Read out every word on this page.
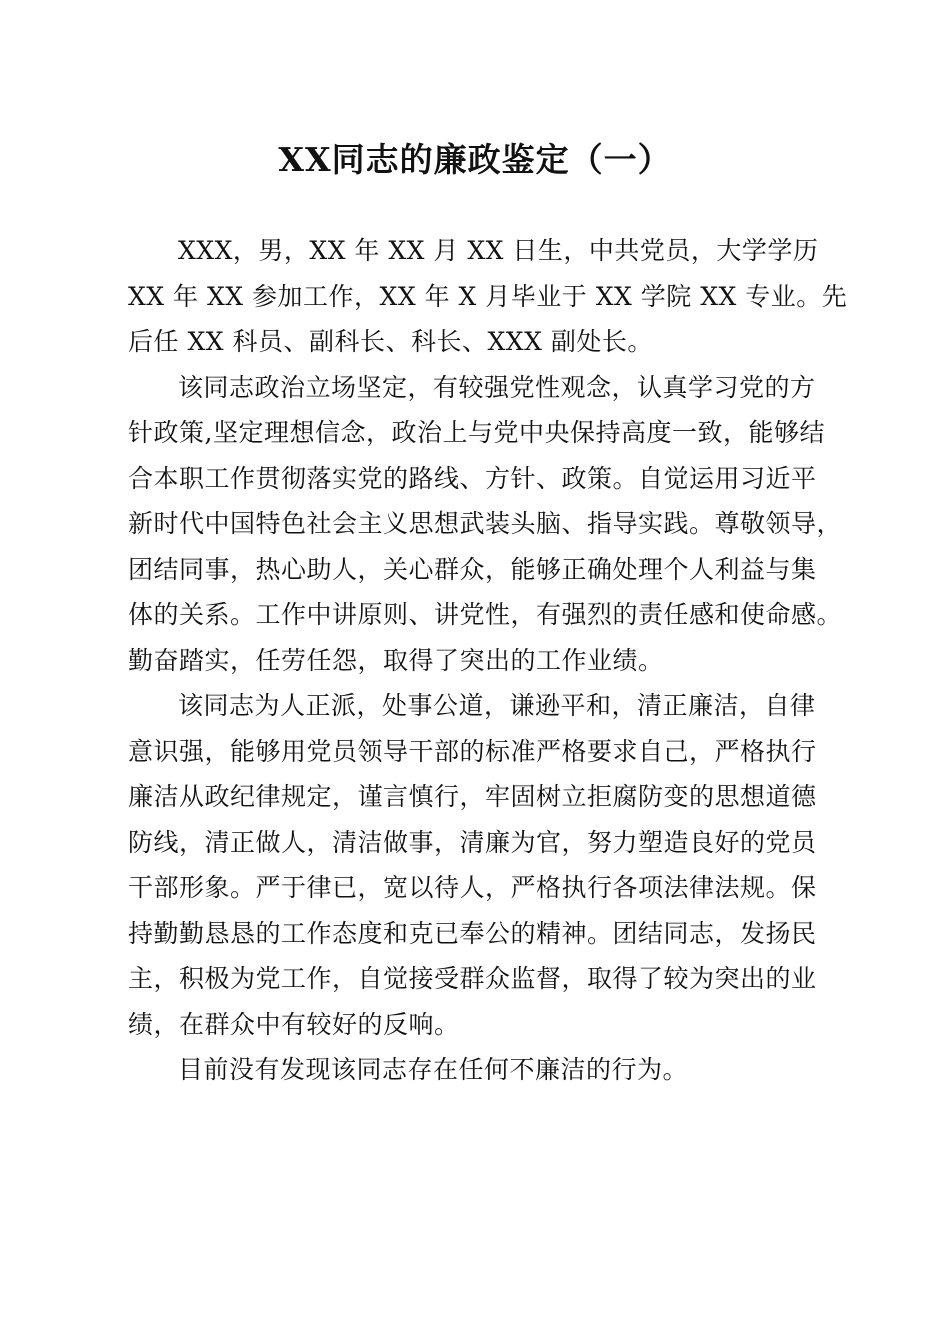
XX同志的廉政鉴定（一）

XXX，男，XX 年 XX 月 XX 日生，中共党员，大学学历
XX 年 XX 参加工作，XX 年 X 月毕业于 XX 学院 XX 专业。先
后任 XX 科员、副科长、科长、XXX 副处长。

该同志政治立场坚定，有较强党性观念，认真学习党的方
针政策,坚定理想信念，政治上与党中央保持高度一致，能够结
合本职工作贯彻落实党的路线、方针、政策。自觉运用习近平
新时代中国特色社会主义思想武装头脑、指导实践。尊敬领导，
团结同事，热心助人，关心群众，能够正确处理个人利益与集
体的关系。工作中讲原则、讲党性，有强烈的责任感和使命感。
勤奋踏实，任劳任怨，取得了突出的工作业绩。

该同志为人正派，处事公道，谦逊平和，清正廉洁，自律
意识强，能够用党员领导干部的标准严格要求自己，严格执行
廉洁从政纪律规定，谨言慎行，牢固树立拒腐防变的思想道德
防线，清正做人，清洁做事，清廉为官，努力塑造良好的党员
干部形象。严于律已，宽以待人，严格执行各项法律法规。保
持勤勤恳恳的工作态度和克已奉公的精神。团结同志，发扬民
主，积极为党工作，自觉接受群众监督，取得了较为突出的业
绩，在群众中有较好的反响。

目前没有发现该同志存在任何不廉洁的行为。
